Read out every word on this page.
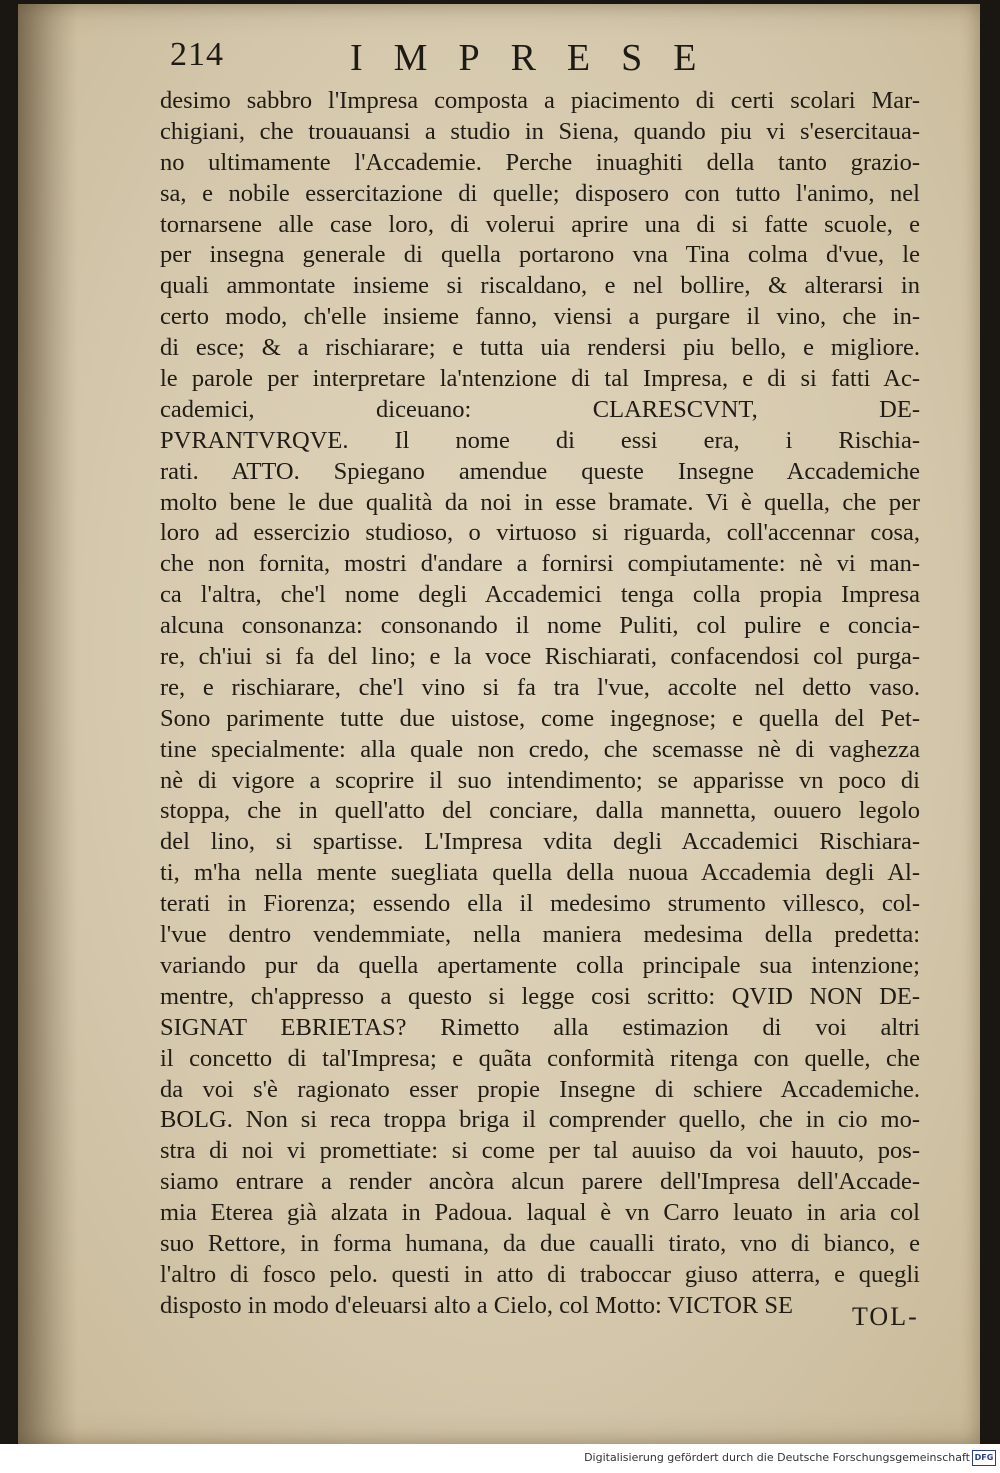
214	IMPRESE
desimo sabbro l'Impresa composta a piacimento di certi scolari Mar-
chigiani, che trouauansi a studio in Siena, quando piu vi s'esercitaua-
no ultimamente l'Accademie. Perche inuaghiti della tanto grazio-
sa, e nobile essercitazione di quelle; disposero con tutto l'animo, nel
tornarsene alle case loro, di volerui aprire una di si fatte scuole, e
per insegna generale di quella portarono vna Tina colma d'vue, le
quali ammontate insieme si riscaldano, e nel bollire, & alterarsi in
certo modo, ch'elle insieme fanno, viensi a purgare il vino, che in-
di esce; & a rischiarare; e tutta uia rendersi piu bello, e migliore.
le parole per interpretare la'ntenzione di tal Impresa, e di si fatti Ac-
cademici, diceuano: CLARESCVNT, DE-
PVRANTVRQVE. Il nome di essi era, i Rischia-
rati. ATTO. Spiegano amendue queste Insegne Accademiche
molto bene le due qualità da noi in esse bramate. Vi è quella, che per
loro ad essercizio studioso, o virtuoso si riguarda, coll'accennar cosa,
che non fornita, mostri d'andare a fornirsi compiutamente: nè vi man-
ca l'altra, che'l nome degli Accademici tenga colla propia Impresa
alcuna consonanza: consonando il nome Puliti, col pulire e concia-
re, ch'iui si fa del lino; e la voce Rischiarati, confacendosi col purga-
re, e rischiarare, che'l vino si fa tra l'vue, accolte nel detto vaso.
Sono parimente tutte due uistose, come ingegnose; e quella del Pet-
tine specialmente: alla quale non credo, che scemasse nè di vaghezza
nè di vigore a scoprire il suo intendimento; se apparisse vn poco di
stoppa, che in quell'atto del conciare, dalla mannetta, ouuero legolo
del lino, si spartisse. L'Impresa vdita degli Accademici Rischiara-
ti, m'ha nella mente suegliata quella della nuoua Accademia degli Al-
terati in Fiorenza; essendo ella il medesimo strumento villesco, col-
l'vue dentro vendemmiate, nella maniera medesima della predetta:
variando pur da quella apertamente colla principale sua intenzione;
mentre, ch'appresso a questo si legge cosi scritto: QVID NON DE-
SIGNAT EBRIETAS? Rimetto alla estimazion di voi altri
il concetto di tal'Impresa; e quãta conformità ritenga con quelle, che
da voi s'è ragionato esser propie Insegne di schiere Accademiche.
BOLG. Non si reca troppa briga il comprender quello, che in cio mo-
stra di noi vi promettiate: si come per tal auuiso da voi hauuto, pos-
siamo entrare a render ancòra alcun parere dell'Impresa dell'Accade-
mia Eterea già alzata in Padoua. laqual è vn Carro leuato in aria col
suo Rettore, in forma humana, da due caualli tirato, vno di bianco, e
l'altro di fosco pelo. questi in atto di traboccar giuso atterra, e quegli
disposto in modo d'eleuarsi alto a Cielo, col Motto: VICTOR SE	TOL-
Digitalisierung gefördert durch die Deutsche Forschungsgemeinschaft DFG
